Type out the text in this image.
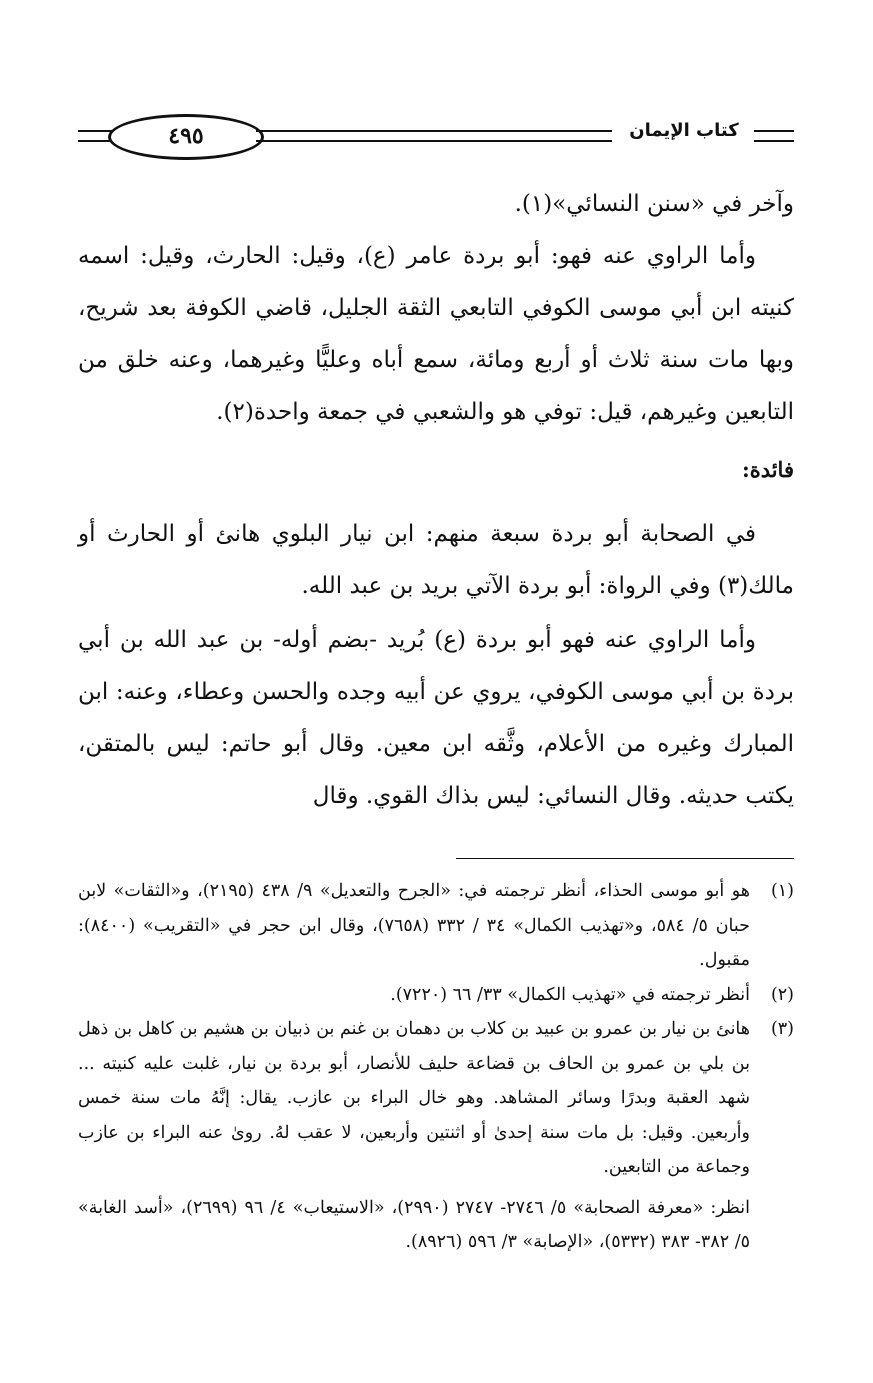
٤٩٥	كتاب الإيمان

وآخر في «سنن النسائي»(١).

وأما الراوي عنه فهو: أبو بردة عامر (ع)، وقيل: الحارث، وقيل: اسمه كنيته ابن أبي موسى الكوفي التابعي الثقة الجليل، قاضي الكوفة بعد شريح، وبها مات سنة ثلاث أو أربع ومائة، سمع أباه وعليًّا وغيرهما، وعنه خلق من التابعين وغيرهم، قيل: توفي هو والشعبي في جمعة واحدة(٢).

فائدة:

في الصحابة أبو بردة سبعة منهم: ابن نيار البلوي هانئ أو الحارث أو مالك(٣) وفي الرواة: أبو بردة الآتي بريد بن عبد الله.

وأما الراوي عنه فهو أبو بردة (ع) بُريد -بضم أوله- بن عبد الله بن أبي بردة بن أبي موسى الكوفي، يروي عن أبيه وجده والحسن وعطاء، وعنه: ابن المبارك وغيره من الأعلام، وثَّقه ابن معين. وقال أبو حاتم: ليس بالمتقن، يكتب حديثه. وقال النسائي: ليس بذاك القوي. وقال

(١)
هو أبو موسى الحذاء، أنظر ترجمته في: «الجرح والتعديل» ٩/ ٤٣٨ (٢١٩٥)، و«الثقات» لابن حبان ٥/ ٥٨٤، و«تهذيب الكمال» ٣٤ / ٣٣٢ (٧٦٥٨)، وقال ابن حجر في «التقريب» (٨٤٠٠): مقبول.
(٢)
أنظر ترجمته في «تهذيب الكمال» ٣٣/ ٦٦ (٧٢٢٠).
(٣)
هانئ بن نيار بن عمرو بن عبيد بن كلاب بن دهمان بن غنم بن ذبيان بن هشيم بن كاهل بن ذهل بن بلي بن عمرو بن الحاف بن قضاعة حليف للأنصار، أبو بردة بن نيار، غلبت عليه كنيته ... شهد العقبة وبدرًا وسائر المشاهد. وهو خال البراء بن عازب. يقال: إنَّهُ مات سنة خمس وأربعين. وقيل: بل مات سنة إحدىٰ أو اثنتين وأربعين، لا عقب لهُ. روىٰ عنه البراء بن عازب وجماعة من التابعين.
انظر: «معرفة الصحابة» ٥/ ٢٧٤٦- ٢٧٤٧ (٢٩٩٠)، «الاستيعاب» ٤/ ٩٦ (٢٦٩٩)، «أسد الغابة» ٥/ ٣٨٢- ٣٨٣ (٥٣٣٢)، «الإصابة» ٣/ ٥٩٦ (٨٩٢٦).
